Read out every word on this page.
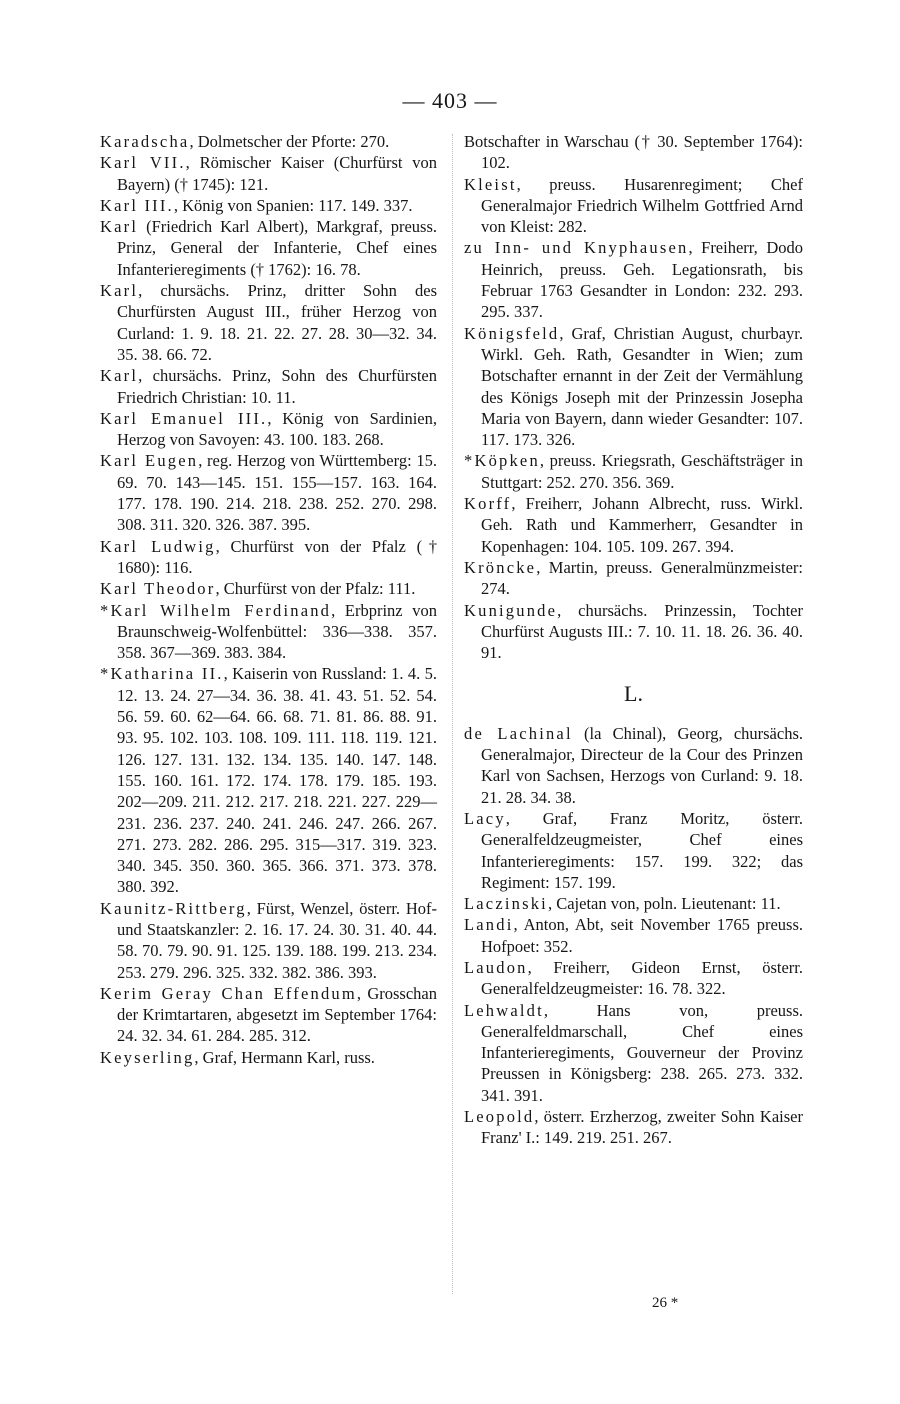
— 403 —

Karadscha, Dolmetscher der Pforte: 270.

Karl VII., Römischer Kaiser (Churfürst von Bayern) († 1745): 121.

Karl III., König von Spanien: 117. 149. 337.

Karl (Friedrich Karl Albert), Markgraf, preuss. Prinz, General der Infanterie, Chef eines Infanterieregiments († 1762): 16. 78.

Karl, chursächs. Prinz, dritter Sohn des Churfürsten August III., früher Herzog von Curland: 1. 9. 18. 21. 22. 27. 28. 30—32. 34. 35. 38. 66. 72.

Karl, chursächs. Prinz, Sohn des Churfürsten Friedrich Christian: 10. 11.

Karl Emanuel III., König von Sardinien, Herzog von Savoyen: 43. 100. 183. 268.

Karl Eugen, reg. Herzog von Württemberg: 15. 69. 70. 143—145. 151. 155—157. 163. 164. 177. 178. 190. 214. 218. 238. 252. 270. 298. 308. 311. 320. 326. 387. 395.

Karl Ludwig, Churfürst von der Pfalz († 1680): 116.

Karl Theodor, Churfürst von der Pfalz: 111.

*Karl Wilhelm Ferdinand, Erbprinz von Braunschweig-Wolfenbüttel: 336—338. 357. 358. 367—369. 383. 384.

*Katharina II., Kaiserin von Russland: 1. 4. 5. 12. 13. 24. 27—34. 36. 38. 41. 43. 51. 52. 54. 56. 59. 60. 62—64. 66. 68. 71. 81. 86. 88. 91. 93. 95. 102. 103. 108. 109. 111. 118. 119. 121. 126. 127. 131. 132. 134. 135. 140. 147. 148. 155. 160. 161. 172. 174. 178. 179. 185. 193. 202—209. 211. 212. 217. 218. 221. 227. 229—231. 236. 237. 240. 241. 246. 247. 266. 267. 271. 273. 282. 286. 295. 315—317. 319. 323. 340. 345. 350. 360. 365. 366. 371. 373. 378. 380. 392.

Kaunitz-Rittberg, Fürst, Wenzel, österr. Hof- und Staatskanzler: 2. 16. 17. 24. 30. 31. 40. 44. 58. 70. 79. 90. 91. 125. 139. 188. 199. 213. 234. 253. 279. 296. 325. 332. 382. 386. 393.

Kerim Geray Chan Effendum, Grosschan der Krimtartaren, abgesetzt im September 1764: 24. 32. 34. 61. 284. 285. 312.

Keyserling, Graf, Hermann Karl, russ.

Botschafter in Warschau († 30. September 1764): 102.

Kleist, preuss. Husarenregiment; Chef Generalmajor Friedrich Wilhelm Gottfried Arnd von Kleist: 282.

zu Inn- und Knyphausen, Freiherr, Dodo Heinrich, preuss. Geh. Legationsrath, bis Februar 1763 Gesandter in London: 232. 293. 295. 337.

Königsfeld, Graf, Christian August, churbayr. Wirkl. Geh. Rath, Gesandter in Wien; zum Botschafter ernannt in der Zeit der Vermählung des Königs Joseph mit der Prinzessin Josepha Maria von Bayern, dann wieder Gesandter: 107. 117. 173. 326.

*Köpken, preuss. Kriegsrath, Geschäftsträger in Stuttgart: 252. 270. 356. 369.

Korff, Freiherr, Johann Albrecht, russ. Wirkl. Geh. Rath und Kammerherr, Gesandter in Kopenhagen: 104. 105. 109. 267. 394.

Kröncke, Martin, preuss. Generalmünzmeister: 274.

Kunigunde, chursächs. Prinzessin, Tochter Churfürst Augusts III.: 7. 10. 11. 18. 26. 36. 40. 91.

L.

de Lachinal (la Chinal), Georg, chursächs. Generalmajor, Directeur de la Cour des Prinzen Karl von Sachsen, Herzogs von Curland: 9. 18. 21. 28. 34. 38.

Lacy, Graf, Franz Moritz, österr. Generalfeldzeugmeister, Chef eines Infanterieregiments: 157. 199. 322; das Regiment: 157. 199.

Laczinski, Cajetan von, poln. Lieutenant: 11.

Landi, Anton, Abt, seit November 1765 preuss. Hofpoet: 352.

Laudon, Freiherr, Gideon Ernst, österr. Generalfeldzeugmeister: 16. 78. 322.

Lehwaldt, Hans von, preuss. Generalfeldmarschall, Chef eines Infanterieregiments, Gouverneur der Provinz Preussen in Königsberg: 238. 265. 273. 332. 341. 391.

Leopold, österr. Erzherzog, zweiter Sohn Kaiser Franz' I.: 149. 219. 251. 267.

26 *
